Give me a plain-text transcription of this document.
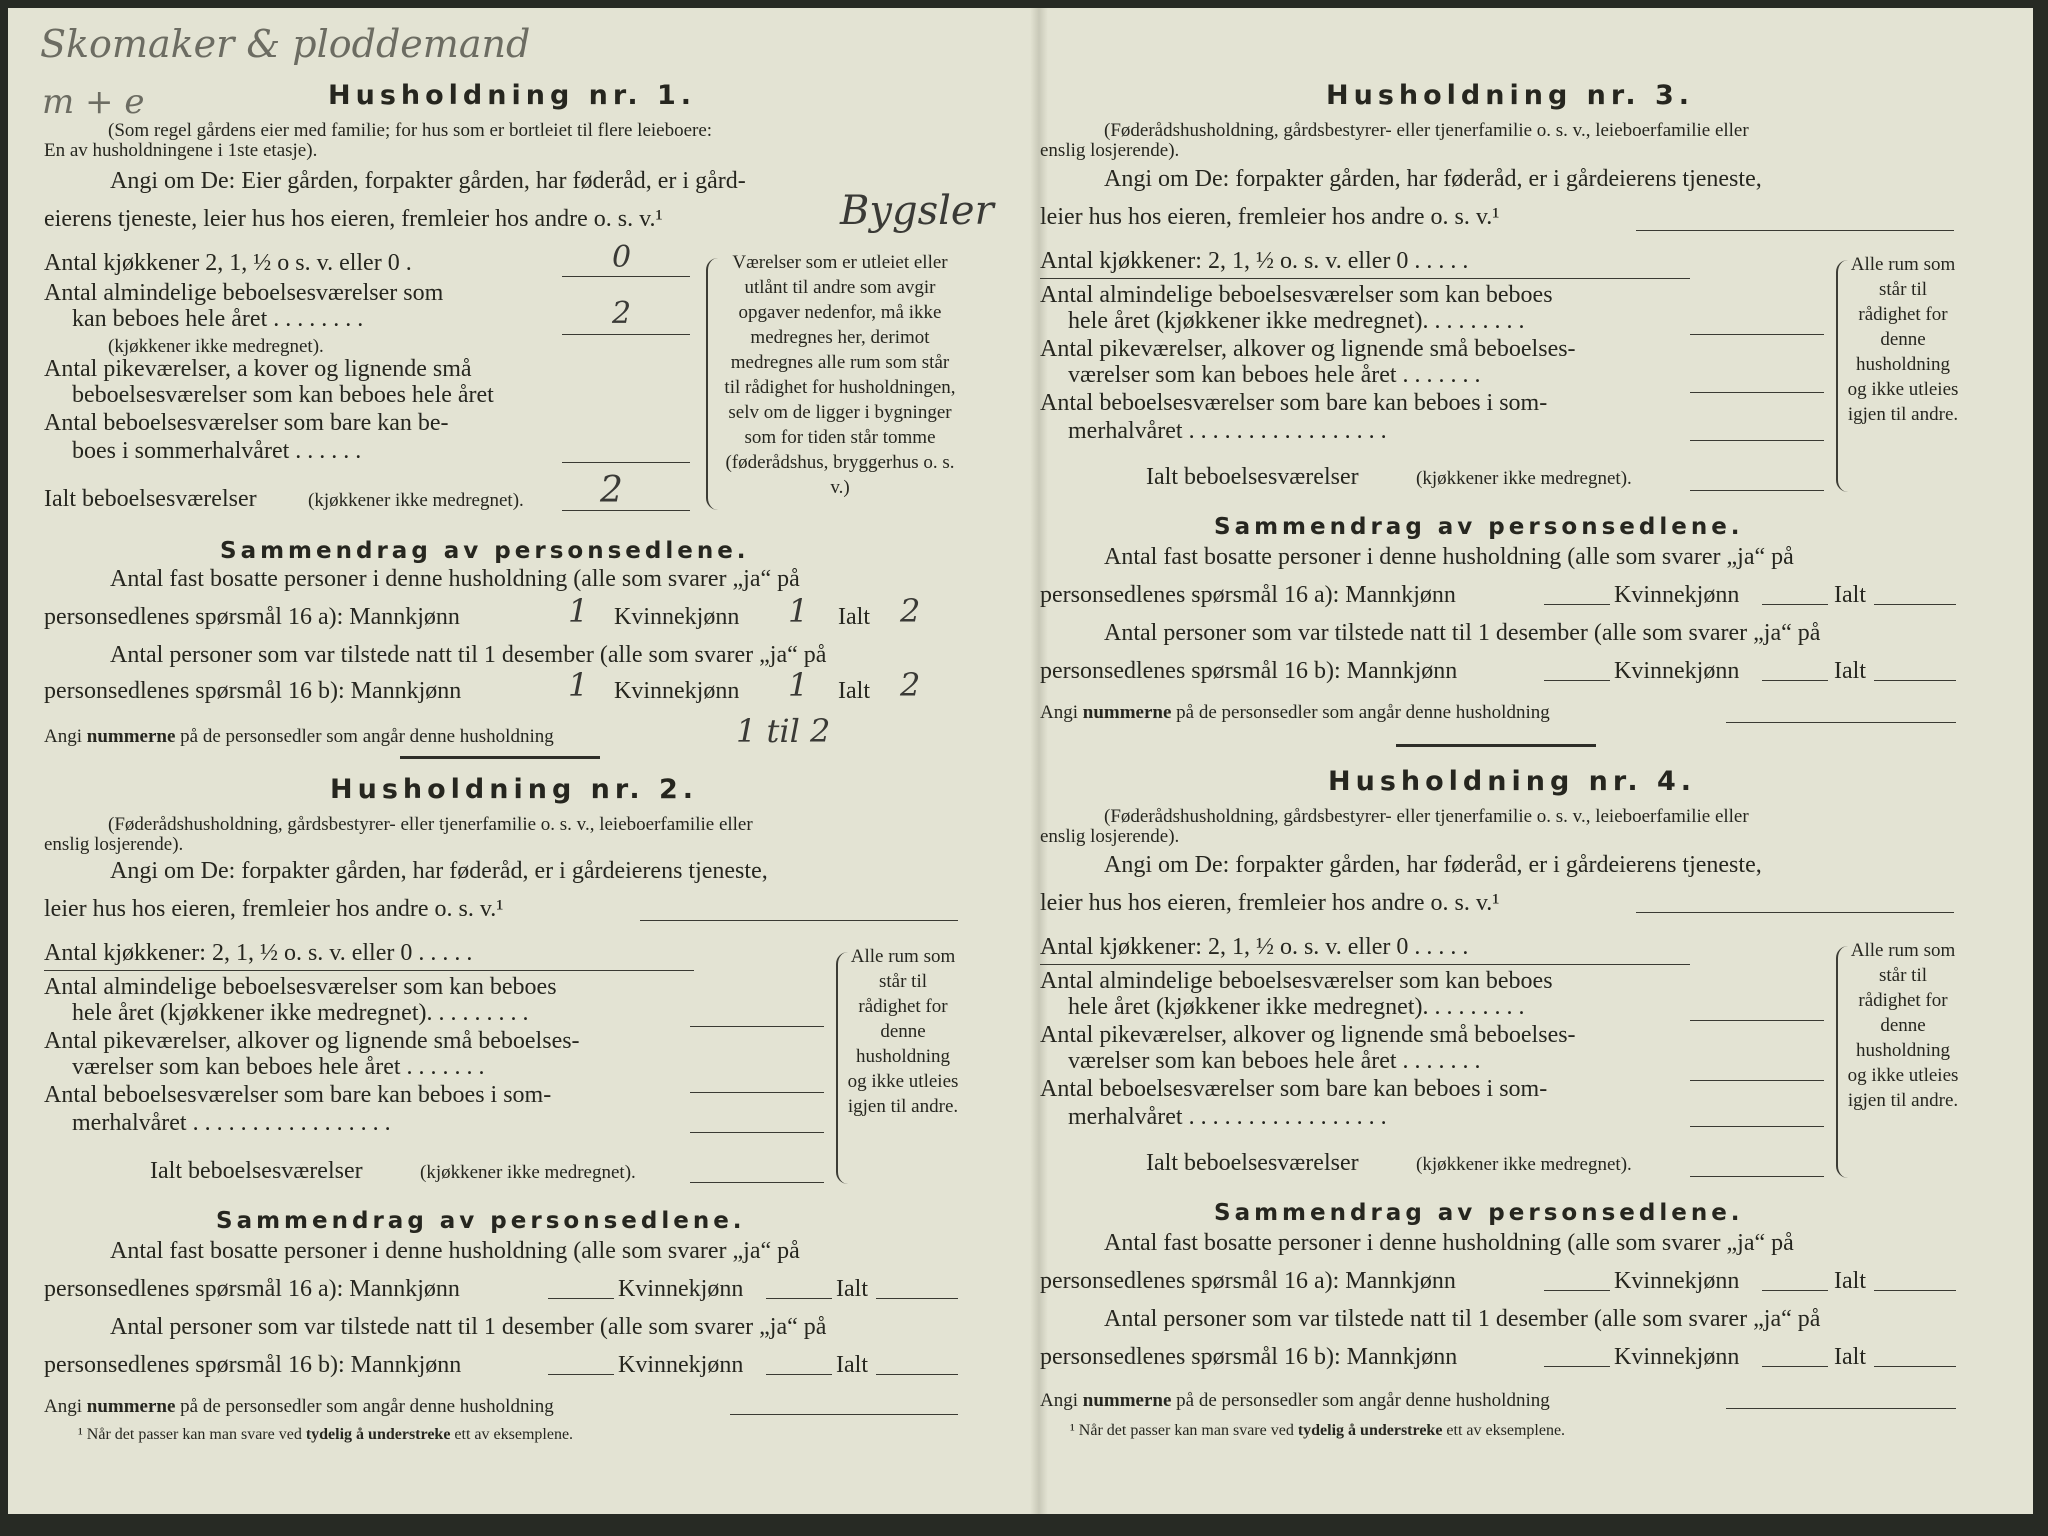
Skomaker & ploddemand
m + e	Husholdning nr. 1.
(Som regel gårdens eier med familie; for hus som er bortleiet til flere leieboere:
En av husholdningene i 1ste etasje).
Angi om De: Eier gården, forpakter gården, har føderåd, er i gård-
eierens tjeneste, leier hus hos eieren, fremleier hos andre o. s. v.¹	Bygsler
Antal kjøkkener 2, 1, ½ o s. v. eller 0 .	0
Antal almindelige beboelsesværelser som
kan beboes hele året . . . . . . . .	2
(kjøkkener ikke medregnet).
Antal pikeværelser, a kover og lignende små
beboelsesværelser som kan beboes hele året
Antal beboelsesværelser som bare kan be-
boes i sommerhalvåret . . . . . .
Ialt beboelsesværelser	(kjøkkener ikke medregnet). 2
Værelser som er utleiet eller utlånt til andre som avgir opgaver nedenfor, må ikke medregnes her, derimot medregnes alle rum som står til rådighet for husholdningen, selv om de ligger i bygninger som for tiden står tomme (føderådshus, bryggerhus o. s. v.)
Sammendrag av personsedlene.
Antal fast bosatte personer i denne husholdning (alle som svarer „ja“ på
personsedlenes spørsmål 16 a): Mannkjønn	1 Kvinnekjønn 1 Ialt 2
Antal personer som var tilstede natt til 1 desember (alle som svarer „ja“ på
personsedlenes spørsmål 16 b): Mannkjønn	1 Kvinnekjønn 1 Ialt 2
Angi nummerne på de personsedler som angår denne husholdning	1 til 2
Husholdning nr. 2.
(Føderådshusholdning, gårdsbestyrer- eller tjenerfamilie o. s. v., leieboerfamilie eller
enslig losjerende).
Angi om De: forpakter gården, har føderåd, er i gårdeierens tjeneste,
leier hus hos eieren, fremleier hos andre o. s. v.¹
Antal kjøkkener: 2, 1, ½ o. s. v. eller 0 . . . . .
Antal almindelige beboelsesværelser som kan beboes
hele året (kjøkkener ikke medregnet). . . . . . . . .
Antal pikeværelser, alkover og lignende små beboelses-
værelser som kan beboes hele året . . . . . . .
Antal beboelsesværelser som bare kan beboes i som-
merhalvåret . . . . . . . . . . . . . . . . .
Ialt beboelsesværelser	(kjøkkener ikke medregnet).
Alle rum som står til rådighet for denne husholdning og ikke utleies igjen til andre.
Sammendrag av personsedlene.
Antal fast bosatte personer i denne husholdning (alle som svarer „ja“ på
personsedlenes spørsmål 16 a): Mannkjønn	Kvinnekjønn	Ialt
Antal personer som var tilstede natt til 1 desember (alle som svarer „ja“ på
personsedlenes spørsmål 16 b): Mannkjønn	Kvinnekjønn	Ialt
Angi nummerne på de personsedler som angår denne husholdning
¹ Når det passer kan man svare ved tydelig å understreke ett av eksemplene.
Husholdning nr. 3.
(Føderådshusholdning, gårdsbestyrer- eller tjenerfamilie o. s. v., leieboerfamilie eller
enslig losjerende).
Angi om De: forpakter gården, har føderåd, er i gårdeierens tjeneste,
leier hus hos eieren, fremleier hos andre o. s. v.¹
Antal kjøkkener: 2, 1, ½ o. s. v. eller 0 . . . . .
Antal almindelige beboelsesværelser som kan beboes
hele året (kjøkkener ikke medregnet). . . . . . . . .
Antal pikeværelser, alkover og lignende små beboelses-
værelser som kan beboes hele året . . . . . . .
Antal beboelsesværelser som bare kan beboes i som-
merhalvåret . . . . . . . . . . . . . . . . .
Ialt beboelsesværelser	(kjøkkener ikke medregnet).
Alle rum som står til rådighet for denne husholdning og ikke utleies igjen til andre.
Sammendrag av personsedlene.
Antal fast bosatte personer i denne husholdning (alle som svarer „ja“ på
personsedlenes spørsmål 16 a): Mannkjønn	Kvinnekjønn	Ialt
Antal personer som var tilstede natt til 1 desember (alle som svarer „ja“ på
personsedlenes spørsmål 16 b): Mannkjønn	Kvinnekjønn	Ialt
Angi nummerne på de personsedler som angår denne husholdning
Husholdning nr. 4.
(Føderådshusholdning, gårdsbestyrer- eller tjenerfamilie o. s. v., leieboerfamilie eller
enslig losjerende).
Angi om De: forpakter gården, har føderåd, er i gårdeierens tjeneste,
leier hus hos eieren, fremleier hos andre o. s. v.¹
Antal kjøkkener: 2, 1, ½ o. s. v. eller 0 . . . . .
Antal almindelige beboelsesværelser som kan beboes
hele året (kjøkkener ikke medregnet). . . . . . . . .
Antal pikeværelser, alkover og lignende små beboelses-
værelser som kan beboes hele året . . . . . . .
Antal beboelsesværelser som bare kan beboes i som-
merhalvåret . . . . . . . . . . . . . . . . .
Ialt beboelsesværelser	(kjøkkener ikke medregnet).
Alle rum som står til rådighet for denne husholdning og ikke utleies igjen til andre.
Sammendrag av personsedlene.
Antal fast bosatte personer i denne husholdning (alle som svarer „ja“ på
personsedlenes spørsmål 16 a): Mannkjønn	Kvinnekjønn	Ialt
Antal personer som var tilstede natt til 1 desember (alle som svarer „ja“ på
personsedlenes spørsmål 16 b): Mannkjønn	Kvinnekjønn	Ialt
Angi nummerne på de personsedler som angår denne husholdning
¹ Når det passer kan man svare ved tydelig å understreke ett av eksemplene.
